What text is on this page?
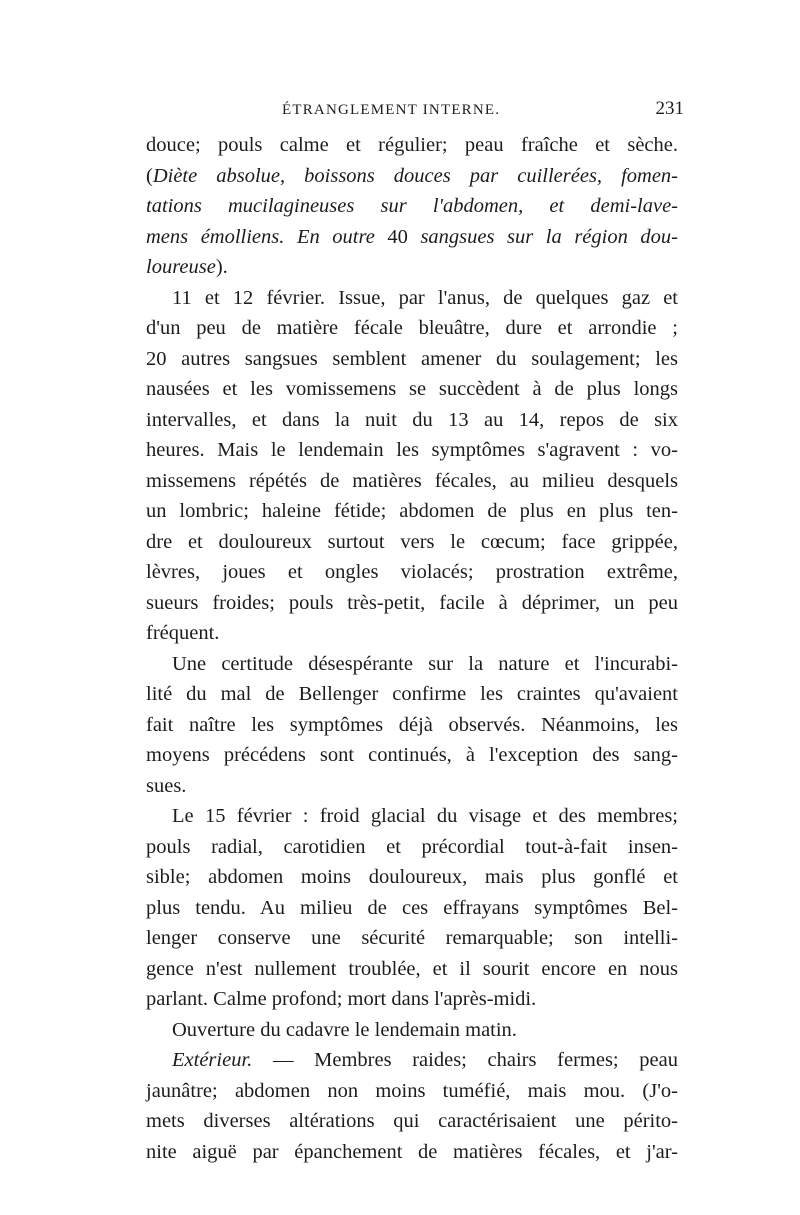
ÉTRANGLEMENT INTERNE.	231
douce; pouls calme et régulier; peau fraîche et sèche.
(Diète absolue, boissons douces par cuillerées, fomen-
tations mucilagineuses sur l'abdomen, et demi-lave-
mens émolliens. En outre 40 sangsues sur la région dou-
loureuse).
11 et 12 février. Issue, par l'anus, de quelques gaz et
d'un peu de matière fécale bleuâtre, dure et arrondie ;
20 autres sangsues semblent amener du soulagement; les
nausées et les vomissemens se succèdent à de plus longs
intervalles, et dans la nuit du 13 au 14, repos de six
heures. Mais le lendemain les symptômes s'agravent : vo-
missemens répétés de matières fécales, au milieu desquels
un lombric; haleine fétide; abdomen de plus en plus ten-
dre et douloureux surtout vers le cœcum; face grippée,
lèvres, joues et ongles violacés; prostration extrême,
sueurs froides; pouls très-petit, facile à déprimer, un peu
fréquent.
Une certitude désespérante sur la nature et l'incurabi-
lité du mal de Bellenger confirme les craintes qu'avaient
fait naître les symptômes déjà observés. Néanmoins, les
moyens précédens sont continués, à l'exception des sang-
sues.
Le 15 février : froid glacial du visage et des membres;
pouls radial, carotidien et précordial tout-à-fait insen-
sible; abdomen moins douloureux, mais plus gonflé et
plus tendu. Au milieu de ces effrayans symptômes Bel-
lenger conserve une sécurité remarquable; son intelli-
gence n'est nullement troublée, et il sourit encore en nous
parlant. Calme profond; mort dans l'après-midi.
Ouverture du cadavre le lendemain matin.
Extérieur. — Membres raides; chairs fermes; peau
jaunâtre; abdomen non moins tuméfié, mais mou. (J'o-
mets diverses altérations qui caractérisaient une périto-
nite aiguë par épanchement de matières fécales, et j'ar-
